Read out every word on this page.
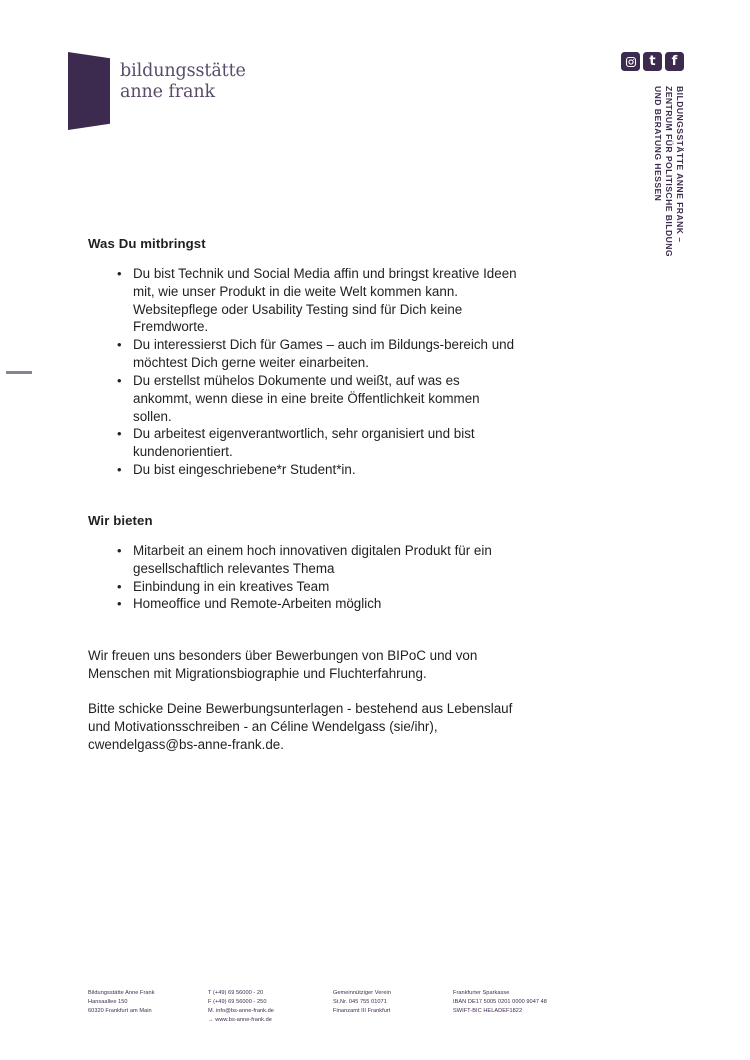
bildungsstätte
anne frank
t f
BILDUNGSSTÄTTE ANNE FRANK –
ZENTRUM FÜR POLITISCHE BILDUNG
UND BERATUNG HESSEN
Was Du mitbringst
• Du bist Technik und Social Media affin und bringst kreative Ideen mit, wie unser Produkt in die weite Welt kommen kann. Websitepflege oder Usability Testing sind für Dich keine Fremdworte.
• Du interessierst Dich für Games – auch im Bildungs-bereich und möchtest Dich gerne weiter einarbeiten.
• Du erstellst mühelos Dokumente und weißt, auf was es ankommt, wenn diese in eine breite Öffentlichkeit kommen sollen.
• Du arbeitest eigenverantwortlich, sehr organisiert und bist kundenorientiert.
• Du bist eingeschriebene*r Student*in.
Wir bieten
• Mitarbeit an einem hoch innovativen digitalen Produkt für ein gesellschaftlich relevantes Thema
• Einbindung in ein kreatives Team
• Homeoffice und Remote-Arbeiten möglich

Wir freuen uns besonders über Bewerbungen von BIPoC und von Menschen mit Migrationsbiographie und Fluchterfahrung.

Bitte schicke Deine Bewerbungsunterlagen - bestehend aus Lebenslauf und Motivationsschreiben - an Céline Wendelgass (sie/ihr), cwendelgass@bs-anne-frank.de.

Bildungsstätte Anne Frank
Hansaallee 150
60320 Frankfurt am Main
T (+49) 69 56000 - 20
F (+49) 69 56000 - 250
M. info@bs-anne-frank.de
→ www.bs-anne-frank.de
Gemeinnütziger Verein
St.Nr. 045 755 01071
Finanzamt III Frankfurt
Frankfurter Sparkasse
IBAN DE17 5005 0201 0000 9047 48
SWIFT-BIC HELADEF1822
